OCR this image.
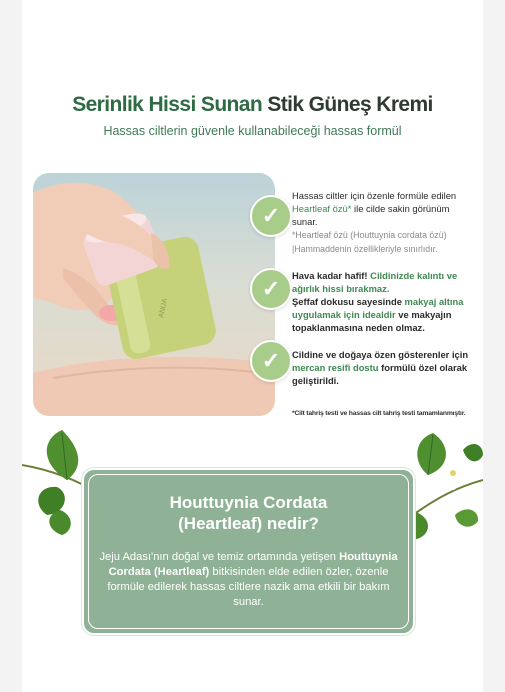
Serinlik Hissi Sunan Stik Güneş Kremi
Hassas ciltlerin güvenle kullanabileceği hassas formül
ANUA
✓
✓
✓
Hassas ciltler için özenle formüle edilen Heartleaf özü* ile cilde sakin görünüm sunar.
*Heartleaf özü (Houttuynia cordata özü)
|Hammaddenin özellikleriyle sınırlıdır.
Hava kadar hafif! Cildinizde kalıntı ve ağırlık hissi bırakmaz.
Şeffaf dokusu sayesinde makyaj altına uygulamak için idealdir ve makyajın topaklanmasına neden olmaz.
Cildine ve doğaya özen gösterenler için mercan resifi dostu formülü özel olarak geliştirildi.
*Cilt tahriş testi ve hassas cilt tahriş testi tamamlanmıştır.
Houttuynia Cordata
(Heartleaf) nedir?
Jeju Adası'nın doğal ve temiz ortamında yetişen Houttuynia Cordata (Heartleaf) bitkisinden elde edilen özler, özenle formüle edilerek hassas ciltlere nazik ama etkili bir bakım sunar.
